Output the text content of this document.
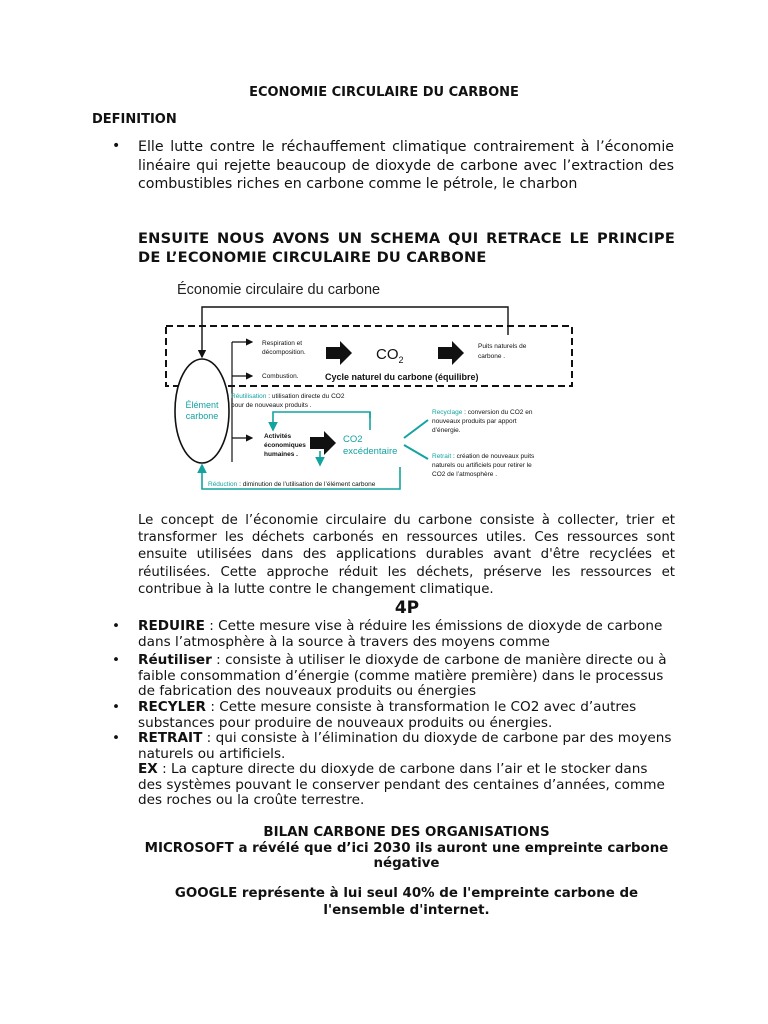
ECONOMIE CIRCULAIRE DU CARBONE

DEFINITION

•	Elle lutte contre le réchauffement climatique contrairement à l’économie linéaire qui rejette beaucoup de dioxyde de carbone avec l’extraction des combustibles riches en carbone comme le pétrole, le charbon

ENSUITE NOUS AVONS UN SCHEMA QUI RETRACE LE PRINCIPE DE L’ECONOMIE CIRCULAIRE DU CARBONE

Économie circulaire du carbone
Élément
carbone
Respiration et
décomposition.
Combustion.
$CO_2$
Puits naturels de
carbone .
Cycle naturel du carbone (équilibre)
Réutilisation : utilisation directe du CO2
pour de nouveaux produits .
Activités
économiques
humaines .
CO2
excédentaire
Recyclage : conversion du CO2 en
nouveaux produits par apport
d’énergie.
Retrait : création de nouveaux puits
naturels ou artificiels pour retirer le
CO2 de l’atmosphère .
Réduction : diminution de l’utilisation de l’élément carbone

Le concept de l’économie circulaire du carbone consiste à collecter, trier et transformer les déchets carbonés en ressources utiles. Ces ressources sont ensuite utilisées dans des applications durables avant d'être recyclées et réutilisées. Cette approche réduit les déchets, préserve les ressources et contribue à la lutte contre le changement climatique.

4P

•	REDUIRE : Cette mesure vise à réduire les émissions de dioxyde de carbone dans l’atmosphère à la source à travers des moyens comme
•	Réutiliser : consiste à utiliser le dioxyde de carbone de manière directe ou à faible consommation d’énergie (comme matière première) dans le processus de fabrication des nouveaux produits ou énergies
•	RECYLER : Cette mesure consiste à transformation le CO2 avec d’autres substances pour produire de nouveaux produits ou énergies.
•	RETRAIT : qui consiste à l’élimination du dioxyde de carbone par des moyens naturels ou artificiels.
EX : La capture directe du dioxyde de carbone dans l’air et le stocker dans des systèmes pouvant le conserver pendant des centaines d’années, comme des roches ou la croûte terrestre.
BILAN CARBONE DES ORGANISATIONS
MICROSOFT a révélé que d’ici 2030 ils auront une empreinte carbone négative

GOOGLE représente à lui seul 40% de l'empreinte carbone de l'ensemble d'internet.
